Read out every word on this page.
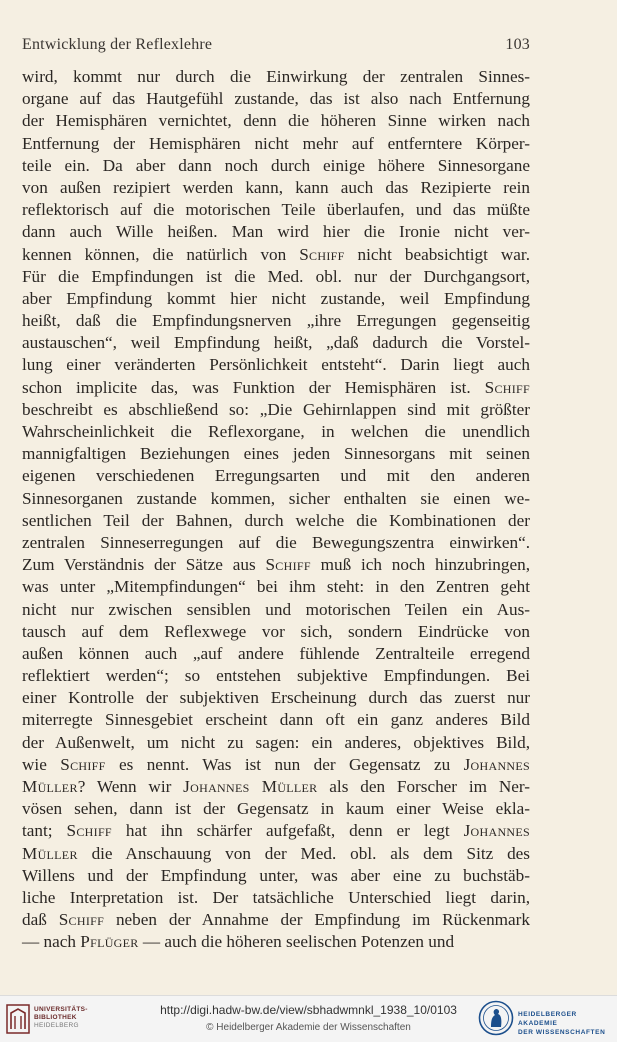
Entwicklung der Reflexlehre	103
wird, kommt nur durch die Einwirkung der zentralen Sinnes-
organe auf das Hautgefühl zustande, das ist also nach Entfernung
der Hemisphären vernichtet, denn die höheren Sinne wirken nach
Entfernung der Hemisphären nicht mehr auf entferntere Körper-
teile ein. Da aber dann noch durch einige höhere Sinnesorgane
von außen rezipiert werden kann, kann auch das Rezipierte rein
reflektorisch auf die motorischen Teile überlaufen, und das müßte
dann auch Wille heißen. Man wird hier die Ironie nicht ver-
kennen können, die natürlich von Schiff nicht beabsichtigt war.
Für die Empfindungen ist die Med. obl. nur der Durchgangsort,
aber Empfindung kommt hier nicht zustande, weil Empfindung
heißt, daß die Empfindungsnerven „ihre Erregungen gegenseitig
austauschen“, weil Empfindung heißt, „daß dadurch die Vorstel-
lung einer veränderten Persönlichkeit entsteht“. Darin liegt auch
schon implicite das, was Funktion der Hemisphären ist. Schiff
beschreibt es abschließend so: „Die Gehirnlappen sind mit größter
Wahrscheinlichkeit die Reflexorgane, in welchen die unendlich
mannigfaltigen Beziehungen eines jeden Sinnesorgans mit seinen
eigenen verschiedenen Erregungsarten und mit den anderen
Sinnesorganen zustande kommen, sicher enthalten sie einen we-
sentlichen Teil der Bahnen, durch welche die Kombinationen der
zentralen Sinneserregungen auf die Bewegungszentra einwirken“.
Zum Verständnis der Sätze aus Schiff muß ich noch hinzubringen,
was unter „Mitempfindungen“ bei ihm steht: in den Zentren geht
nicht nur zwischen sensiblen und motorischen Teilen ein Aus-
tausch auf dem Reflexwege vor sich, sondern Eindrücke von
außen können auch „auf andere fühlende Zentralteile erregend
reflektiert werden“; so entstehen subjektive Empfindungen. Bei
einer Kontrolle der subjektiven Erscheinung durch das zuerst nur
miterregte Sinnesgebiet erscheint dann oft ein ganz anderes Bild
der Außenwelt, um nicht zu sagen: ein anderes, objektives Bild,
wie Schiff es nennt. Was ist nun der Gegensatz zu Johannes
Müller? Wenn wir Johannes Müller als den Forscher im Ner-
vösen sehen, dann ist der Gegensatz in kaum einer Weise ekla-
tant; Schiff hat ihn schärfer aufgefaßt, denn er legt Johannes
Müller die Anschauung von der Med. obl. als dem Sitz des
Willens und der Empfindung unter, was aber eine zu buchstäb-
liche Interpretation ist. Der tatsächliche Unterschied liegt darin,
daß Schiff neben der Annahme der Empfindung im Rückenmark
— nach Pflüger — auch die höheren seelischen Potenzen und
UNIVERSITÄTS-
BIBLIOTHEK
HEIDELBERG
http://digi.hadw-bw.de/view/sbhadwmnkl_1938_10/0103
© Heidelberger Akademie der Wissenschaften
HEIDELBERGER AKADEMIE
DER WISSENSCHAFTEN
